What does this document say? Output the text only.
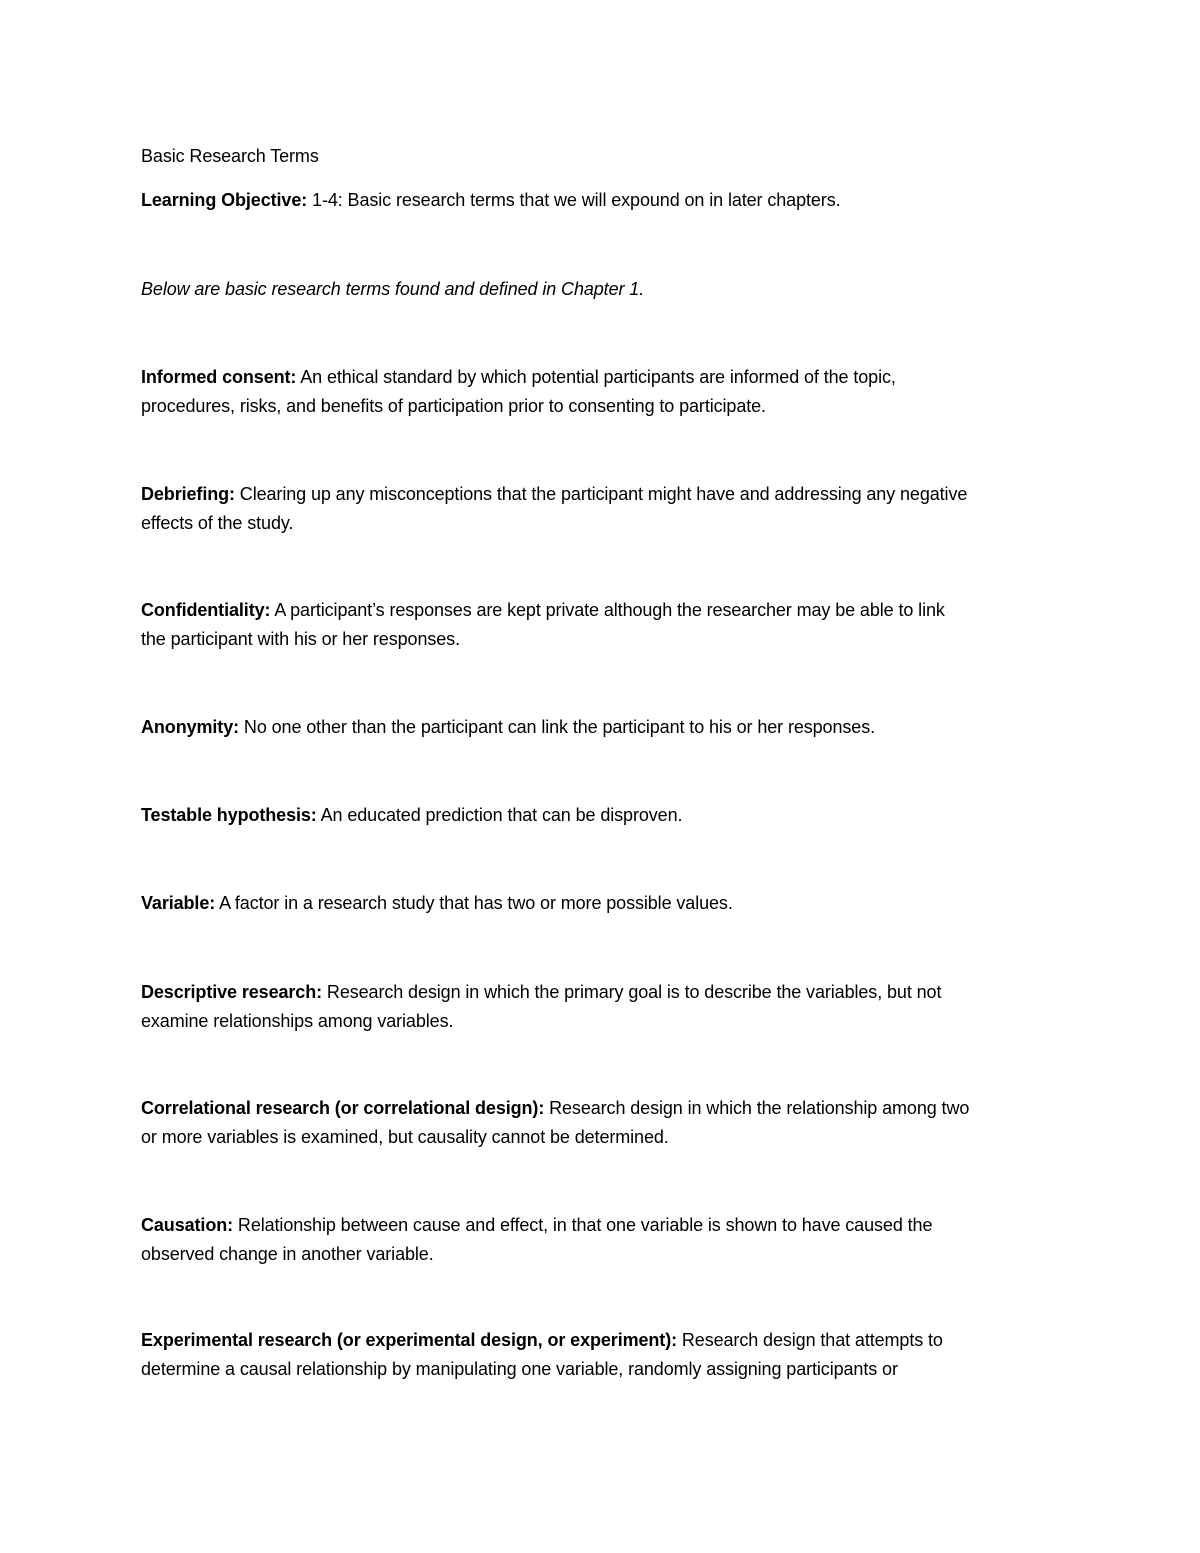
Basic Research Terms
Learning Objective: 1-4: Basic research terms that we will expound on in later chapters.
Below are basic research terms found and defined in Chapter 1.
Informed consent: An ethical standard by which potential participants are informed of the topic,
procedures, risks, and benefits of participation prior to consenting to participate.
Debriefing: Clearing up any misconceptions that the participant might have and addressing any negative
effects of the study.
Confidentiality: A participant’s responses are kept private although the researcher may be able to link
the participant with his or her responses.
Anonymity: No one other than the participant can link the participant to his or her responses.
Testable hypothesis: An educated prediction that can be disproven.
Variable: A factor in a research study that has two or more possible values.
Descriptive research: Research design in which the primary goal is to describe the variables, but not
examine relationships among variables.
Correlational research (or correlational design): Research design in which the relationship among two
or more variables is examined, but causality cannot be determined.
Causation: Relationship between cause and effect, in that one variable is shown to have caused the
observed change in another variable.
Experimental research (or experimental design, or experiment): Research design that attempts to
determine a causal relationship by manipulating one variable, randomly assigning participants or
